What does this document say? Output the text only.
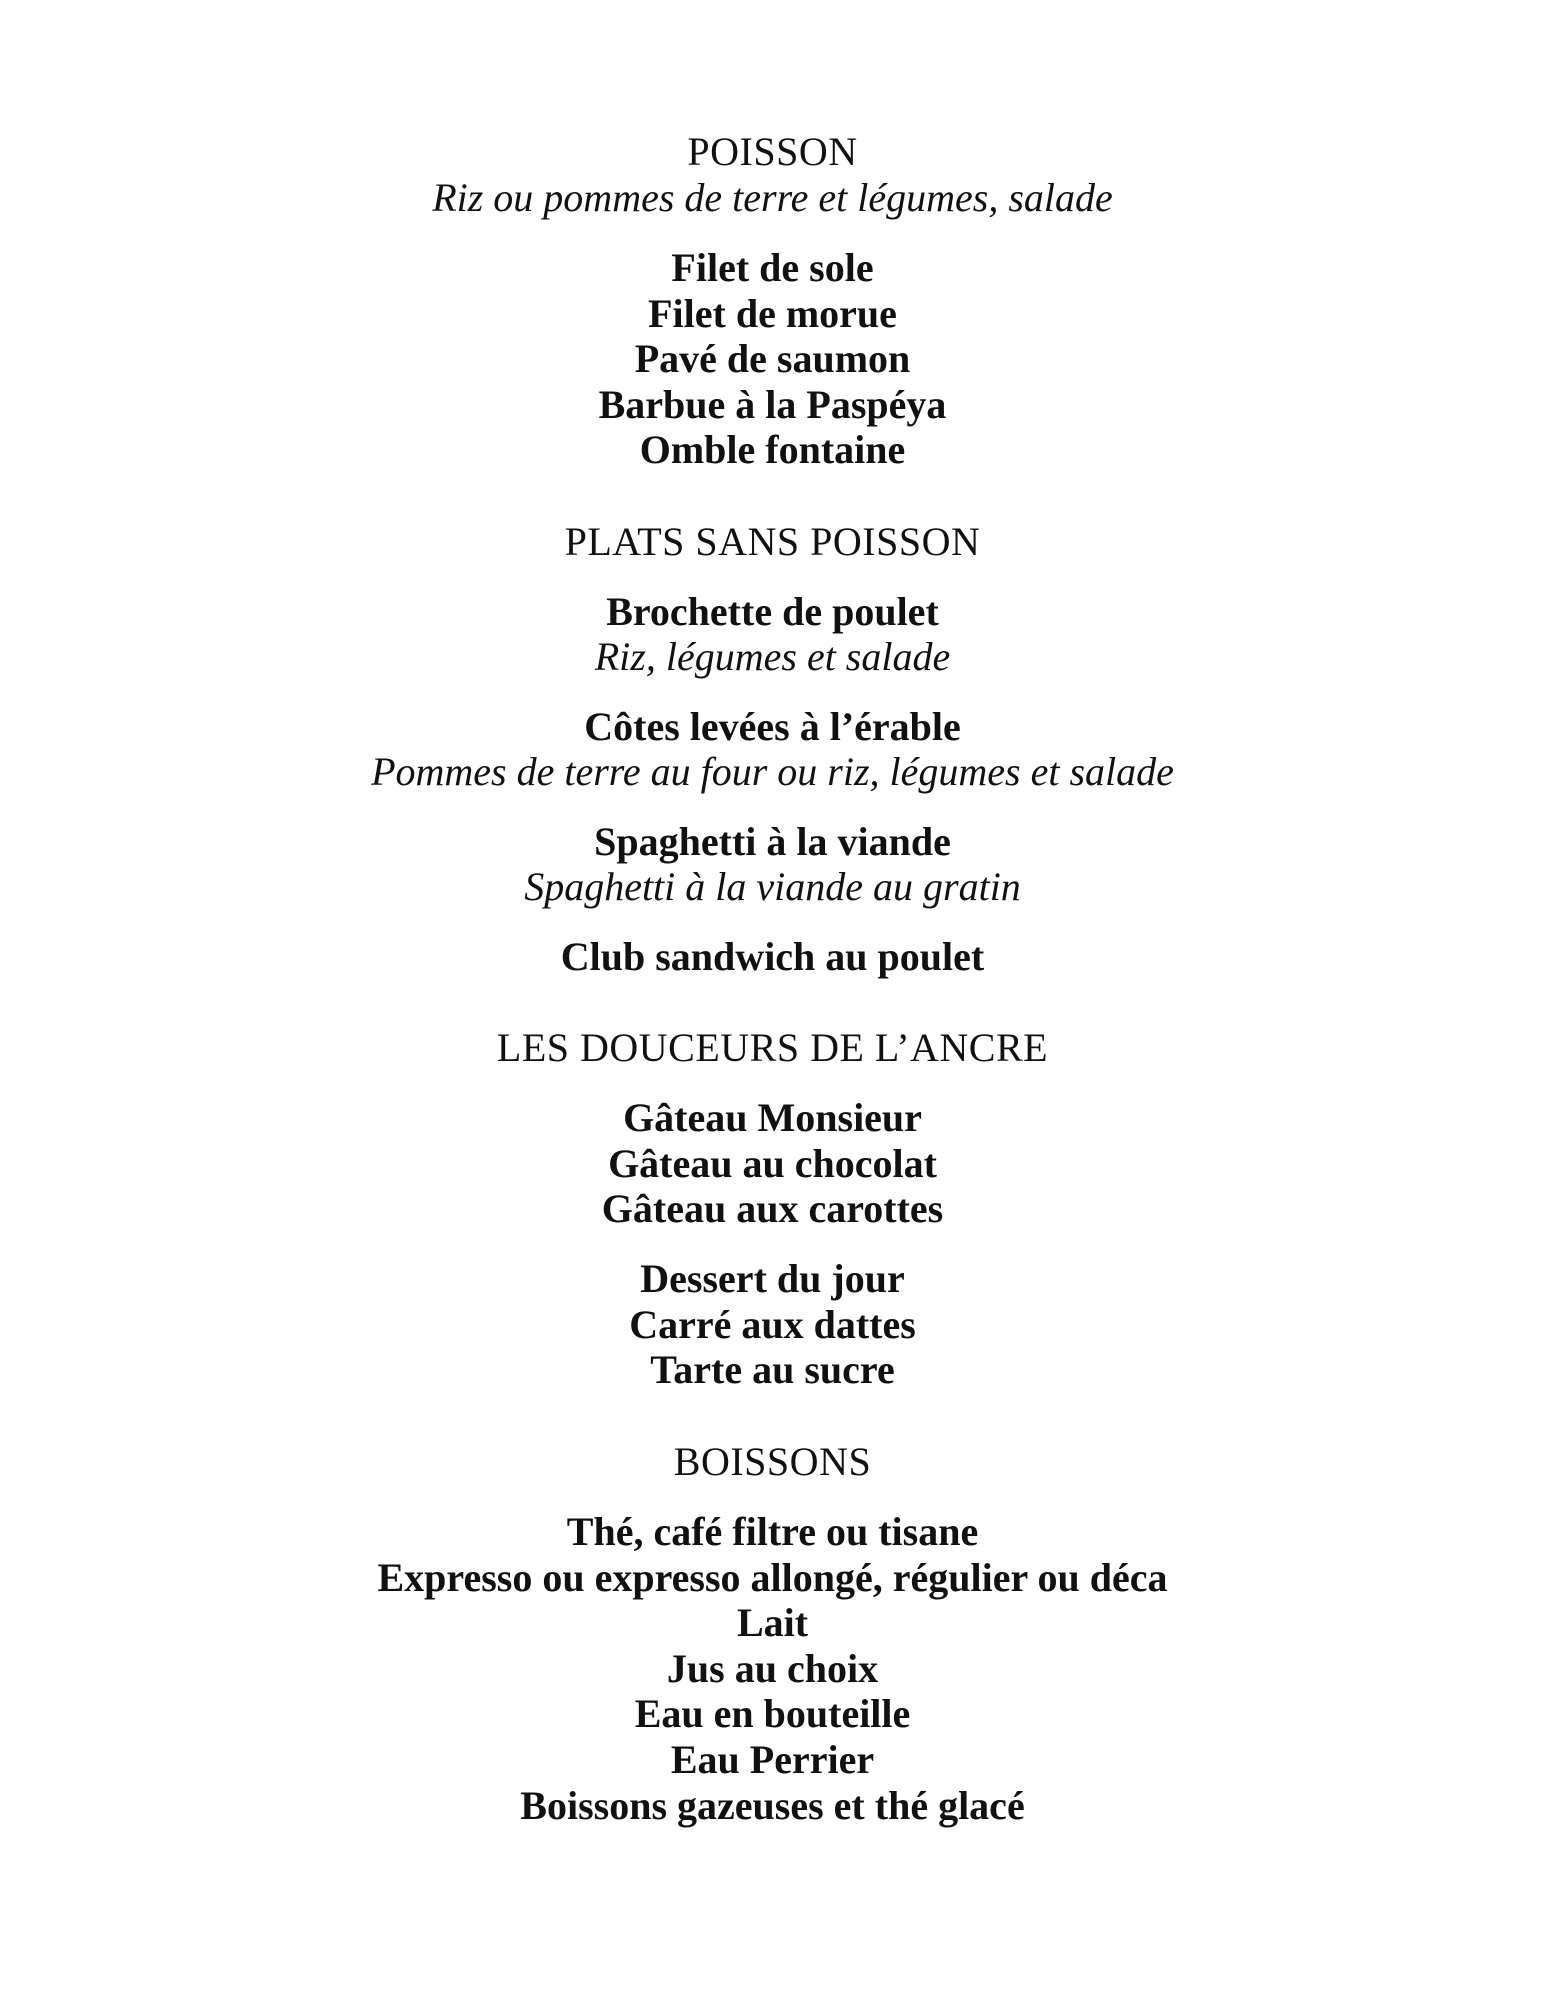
POISSON
Riz ou pommes de terre et légumes, salade
Filet de sole
Filet de morue
Pavé de saumon
Barbue à la Paspéya
Omble fontaine
PLATS SANS POISSON
Brochette de poulet
Riz, légumes et salade
Côtes levées à l’érable
Pommes de terre au four ou riz, légumes et salade
Spaghetti à la viande
Spaghetti à la viande au gratin
Club sandwich au poulet
LES DOUCEURS DE L’ANCRE
Gâteau Monsieur
Gâteau au chocolat
Gâteau aux carottes
Dessert du jour
Carré aux dattes
Tarte au sucre
BOISSONS
Thé, café filtre ou tisane
Expresso ou expresso allongé, régulier ou déca
Lait
Jus au choix
Eau en bouteille
Eau Perrier
Boissons gazeuses et thé glacé
